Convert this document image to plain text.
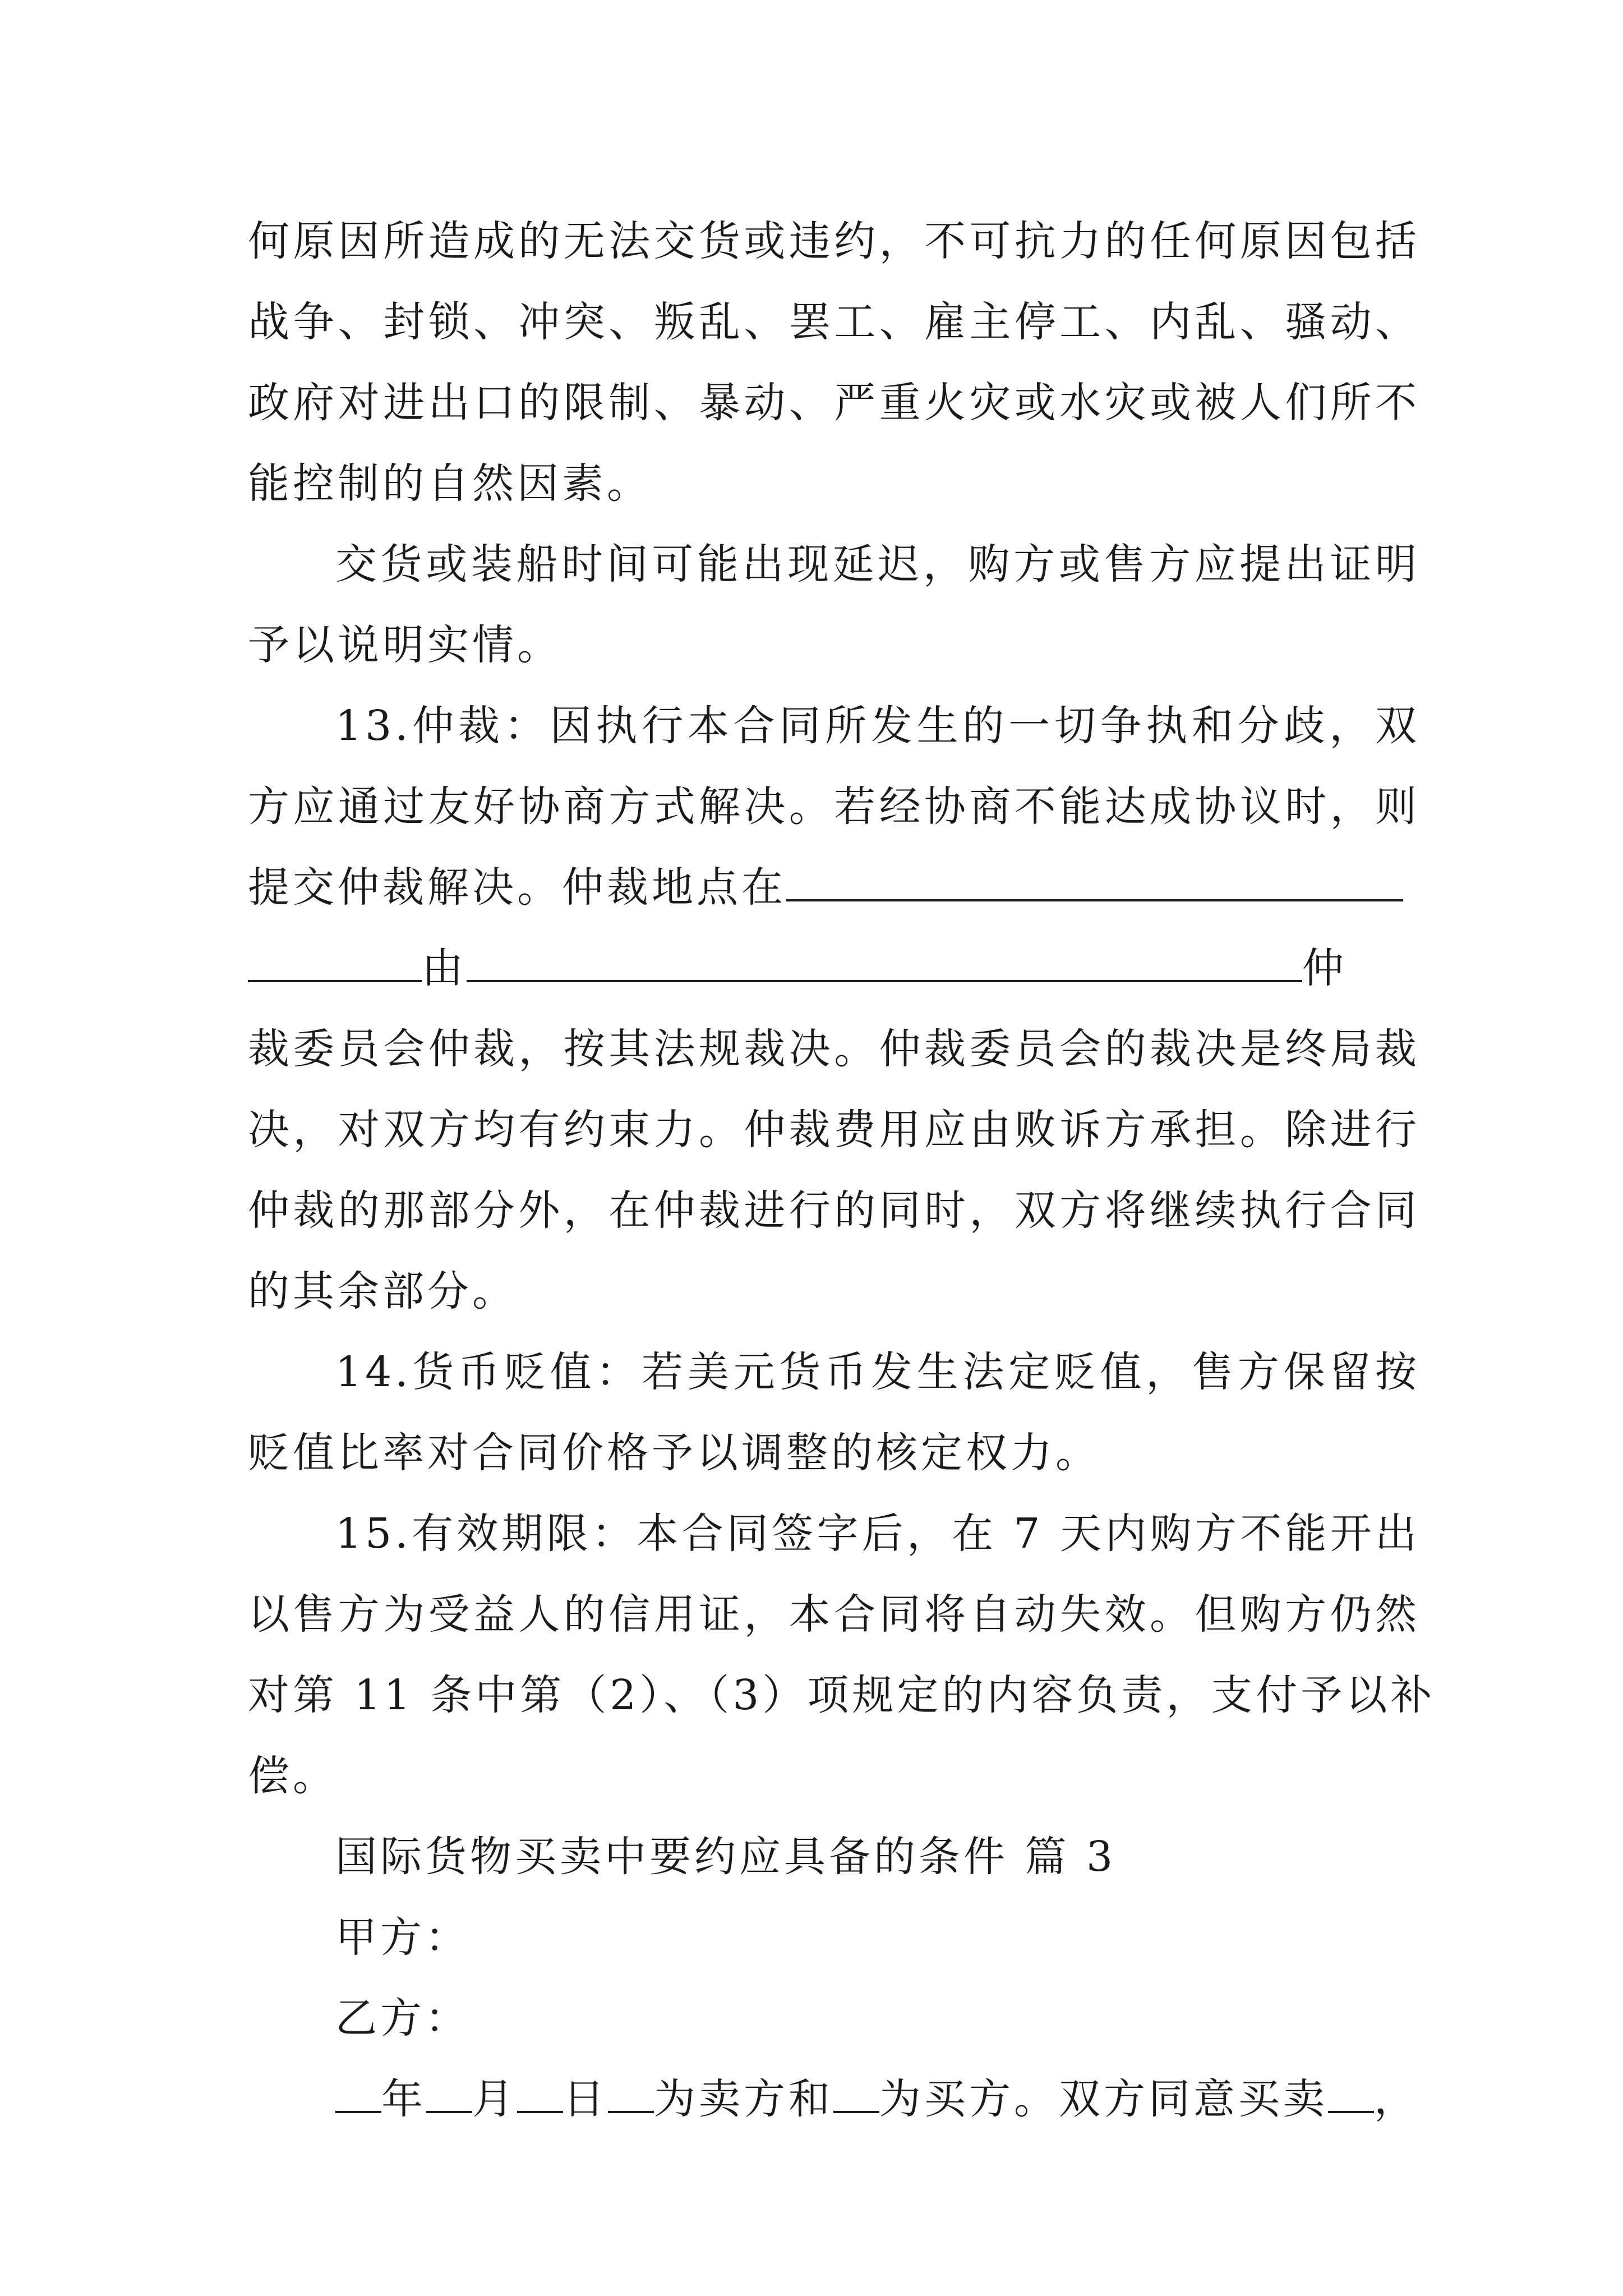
何原因所造成的无法交货或违约，不可抗力的任何原因包括
战争、封锁、冲突、叛乱、罢工、雇主停工、内乱、骚动、
政府对进出口的限制、暴动、严重火灾或水灾或被人们所不
能控制的自然因素。
交货或装船时间可能出现延迟，购方或售方应提出证明
予以说明实情。
13.仲裁：因执行本合同所发生的一切争执和分歧，双
方应通过友好协商方式解决。若经协商不能达成协议时，则
提交仲裁解决。仲裁地点在
由	仲
裁委员会仲裁，按其法规裁决。仲裁委员会的裁决是终局裁
决，对双方均有约束力。仲裁费用应由败诉方承担。除进行
仲裁的那部分外，在仲裁进行的同时，双方将继续执行合同
的其余部分。
14.货币贬值：若美元货币发生法定贬值，售方保留按
贬值比率对合同价格予以调整的核定权力。
15.有效期限：本合同签字后，在 7 天内购方不能开出
以售方为受益人的信用证，本合同将自动失效。但购方仍然
对第 11 条中第（2）、（3）项规定的内容负责，支付予以补
偿。
国际货物买卖中要约应具备的条件 篇 3
甲方：
乙方：
年 月 日 为卖方和 为买方。双方同意买卖 ，
